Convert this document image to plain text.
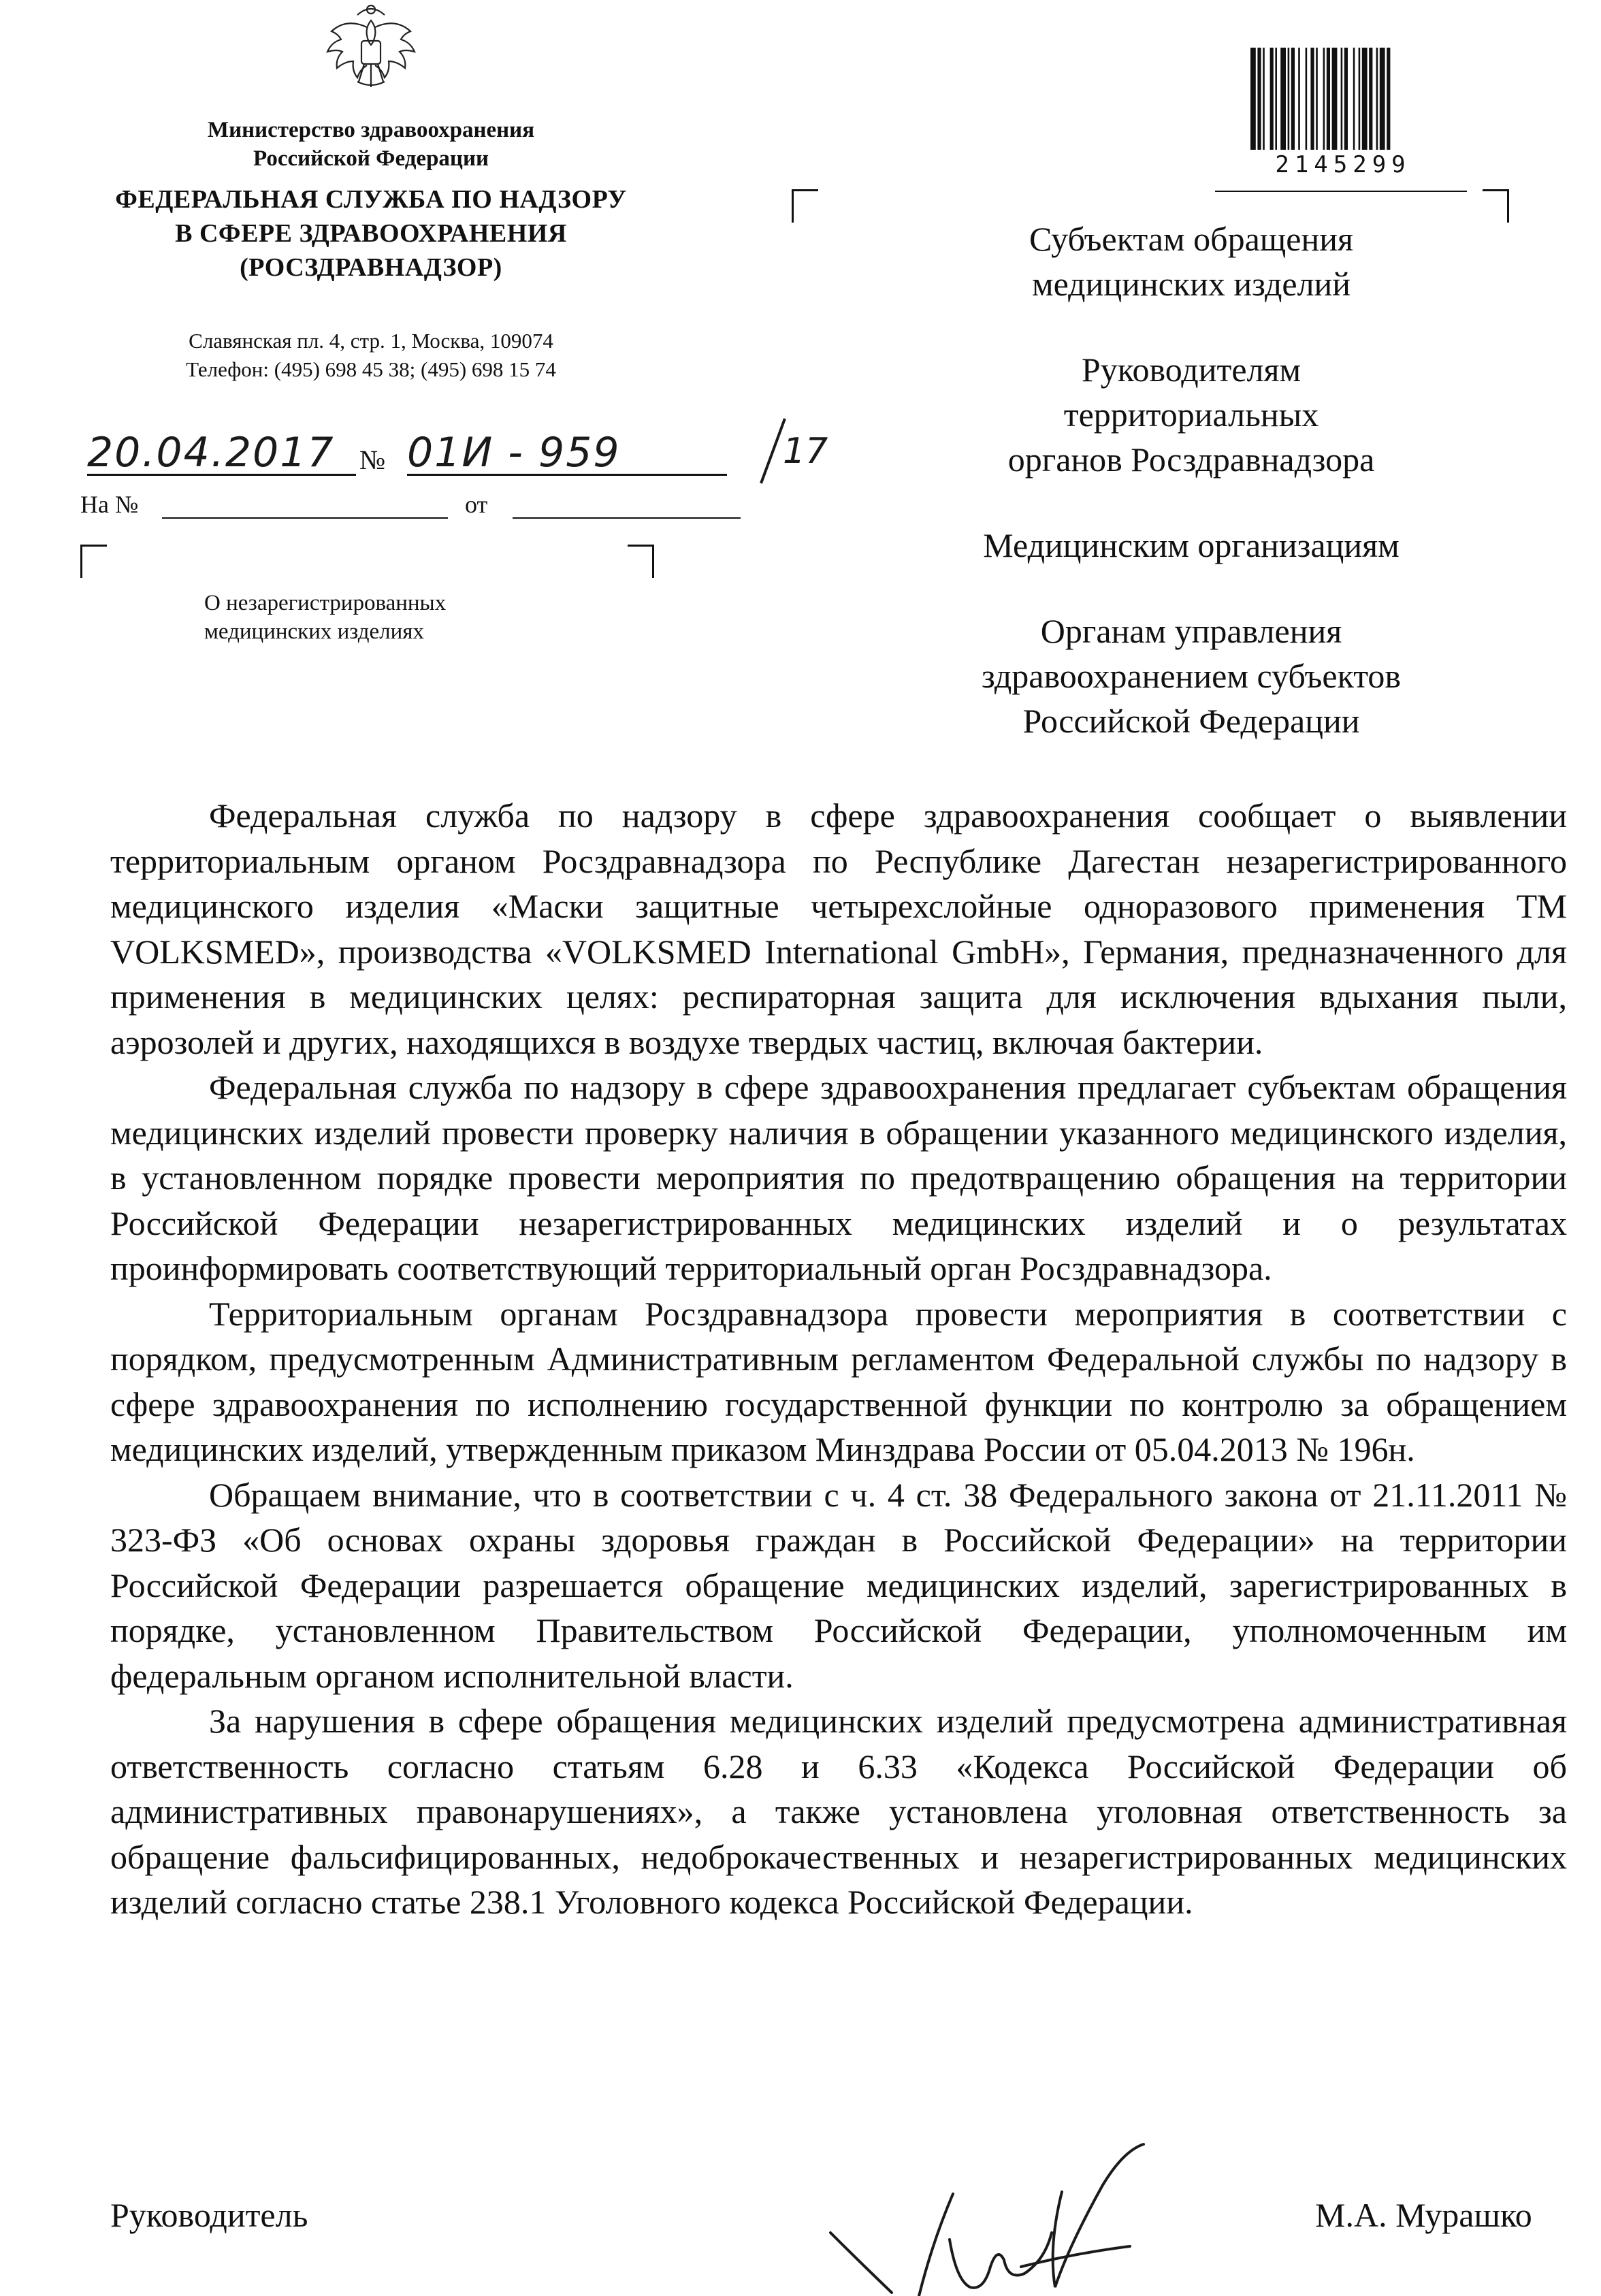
Министерство здравоохранения
Российской Федерации
ФЕДЕРАЛЬНАЯ СЛУЖБА ПО НАДЗОРУ
В СФЕРЕ ЗДРАВООХРАНЕНИЯ
(РОСЗДРАВНАДЗОР)
Славянская пл. 4, стр. 1, Москва, 109074
Телефон: (495) 698 45 38; (495) 698 15 74
20.04.2017 № 01И - 959	17
На №	от
О незарегистрированных
медицинских изделиях
2145299
Субъектам обращения
медицинских изделий
Руководителям
территориальных
органов Росздравнадзора
Медицинским организациям
Органам управления
здравоохранением субъектов
Российской Федерации

Федеральная служба по надзору в сфере здравоохранения сообщает о выявлении территориальным органом Росздравнадзора по Республике Дагестан незарегистрированного медицинского изделия «Маски защитные четырехслойные одноразового применения ТМ VOLKSMED», производства «VOLKSMED International GmbH», Германия, предназначенного для применения в медицинских целях: респираторная защита для исключения вдыхания пыли, аэрозолей и других, находящихся в воздухе твердых частиц, включая бактерии.

Федеральная служба по надзору в сфере здравоохранения предлагает субъектам обращения медицинских изделий провести проверку наличия в обращении указанного медицинского изделия, в установленном порядке провести мероприятия по предотвращению обращения на территории Российской Федерации незарегистрированных медицинских изделий и о результатах проинформировать соответствующий территориальный орган Росздравнадзора.

Территориальным органам Росздравнадзора провести мероприятия в соответствии с порядком, предусмотренным Административным регламентом Федеральной службы по надзору в сфере здравоохранения по исполнению государственной функции по контролю за обращением медицинских изделий, утвержденным приказом Минздрава России от 05.04.2013 № 196н.

Обращаем внимание, что в соответствии с ч. 4 ст. 38 Федерального закона от 21.11.2011 № 323-ФЗ «Об основах охраны здоровья граждан в Российской Федерации» на территории Российской Федерации разрешается обращение медицинских изделий, зарегистрированных в порядке, установленном Правительством Российской Федерации, уполномоченным им федеральным органом исполнительной власти.

За нарушения в сфере обращения медицинских изделий предусмотрена административная ответственность согласно статьям 6.28 и 6.33 «Кодекса Российской Федерации об административных правонарушениях», а также установлена уголовная ответственность за обращение фальсифицированных, недоброкачественных и незарегистрированных медицинских изделий согласно статье 238.1 Уголовного кодекса Российской Федерации.

Руководитель	М.А. Мурашко
